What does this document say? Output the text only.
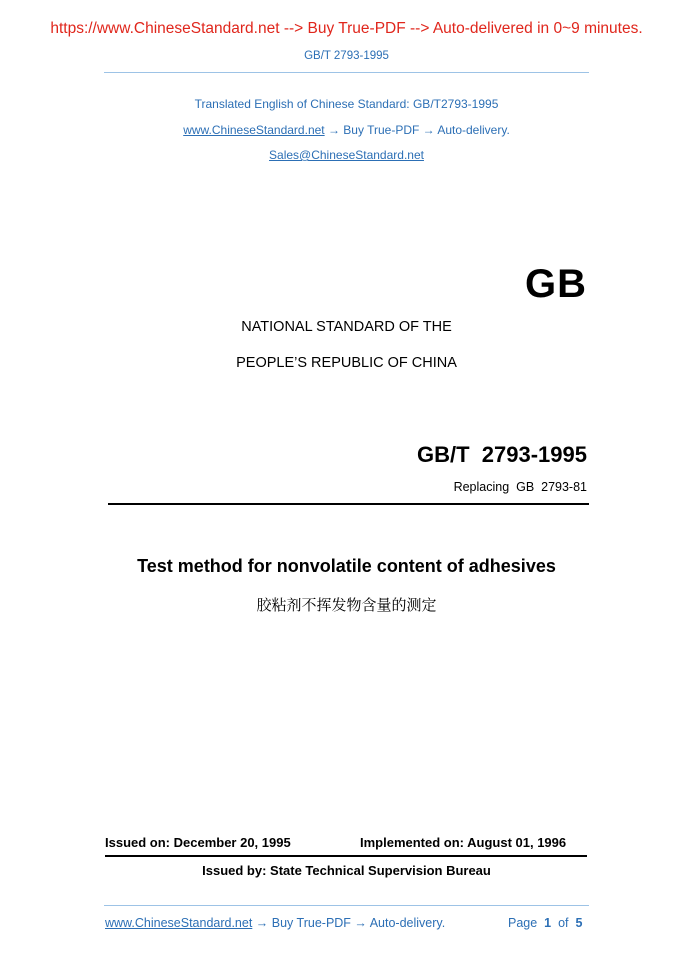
https://www.ChineseStandard.net --> Buy True-PDF --> Auto-delivered in 0~9 minutes.
GB/T 2793-1995
Translated English of Chinese Standard: GB/T2793-1995
www.ChineseStandard.net → Buy True-PDF → Auto-delivery.
Sales@ChineseStandard.net
GB
NATIONAL STANDARD OF THE
PEOPLE’S REPUBLIC OF CHINA
GB/T  2793-1995
Replacing  GB  2793-81
Test method for nonvolatile content of adhesives
胶粘剂不挥发物含量的测定
Issued on: December 20, 1995	Implemented on: August 01, 1996
Issued by: State Technical Supervision Bureau
www.ChineseStandard.net → Buy True-PDF → Auto-delivery.	Page 1 of 5
